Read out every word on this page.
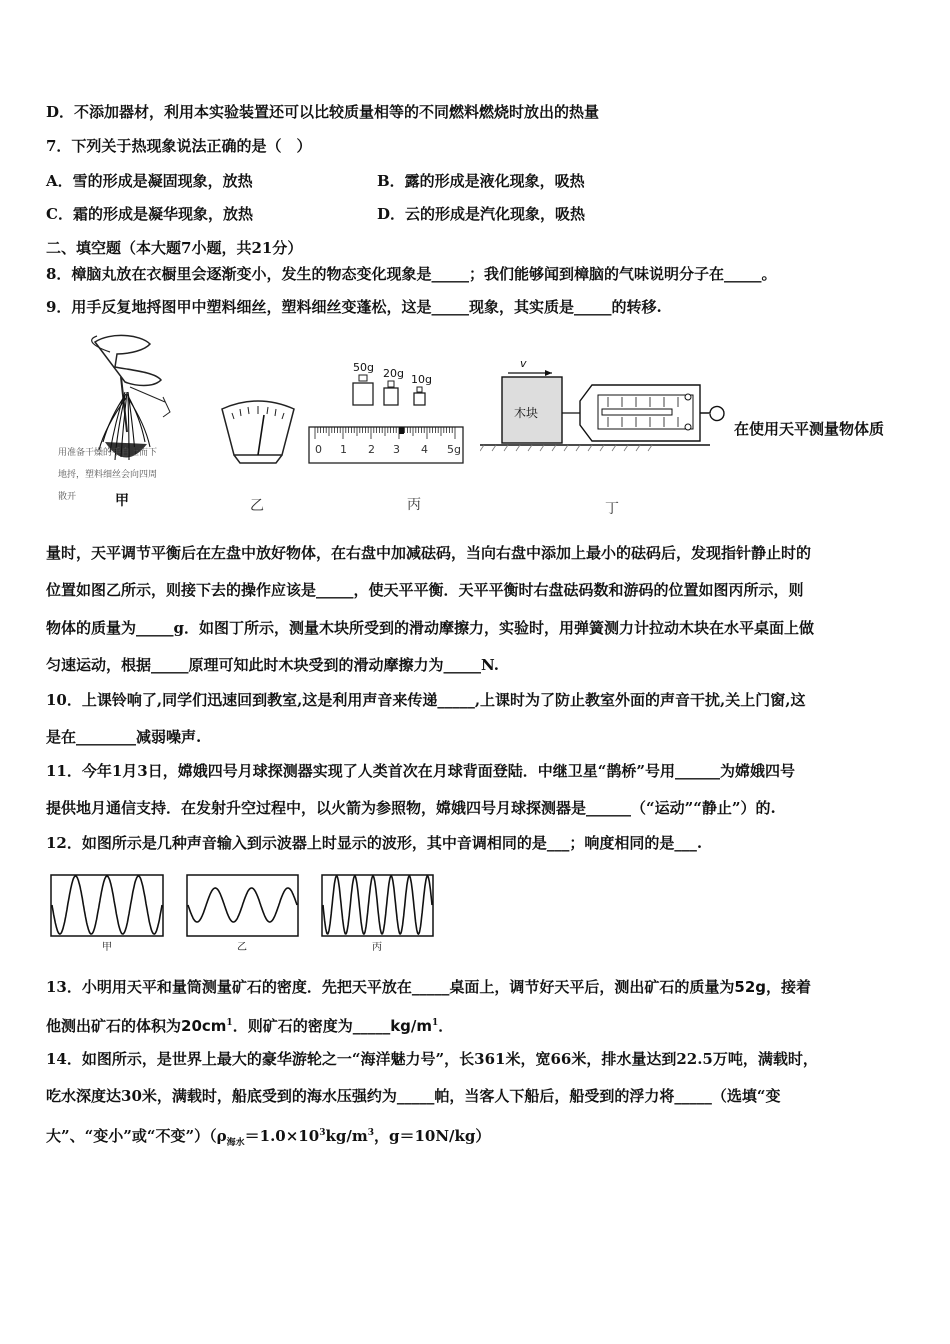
D．不添加器材，利用本实验装置还可以比较质量相等的不同燃料燃烧时放出的热量
7．下列关于热现象说法正确的是（　）
A．雪的形成是凝固现象，放热	B．露的形成是液化现象，吸热
C．霜的形成是凝华现象，放热	D．云的形成是汽化现象，吸热
二、填空题（本大题7小题，共21分）
8．樟脑丸放在衣橱里会逐渐变小，发生的物态变化现象是_____；我们能够闻到樟脑的气味说明分子在_____。
9．用手反复地捋图甲中塑料细丝，塑料细丝变蓬松，这是_____现象，其实质是_____的转移.
用准备干燥的手自上而下
地捋，塑料细丝会向四周
散开	甲	乙
50g 20g 10g
0 1 2 3 4 5g
丙
v
木块
丁
在使用天平测量物体质
量时，天平调节平衡后在左盘中放好物体，在右盘中加减砝码，当向右盘中添加上最小的砝码后，发现指针静止时的
位置如图乙所示，则接下去的操作应该是_____，使天平平衡．天平平衡时右盘砝码数和游码的位置如图丙所示，则
物体的质量为_____g．如图丁所示，测量木块所受到的滑动摩擦力，实验时，用弹簧测力计拉动木块在水平桌面上做
匀速运动，根据_____原理可知此时木块受到的滑动摩擦力为_____N.
10．上课铃响了,同学们迅速回到教室,这是利用声音来传递_____,上课时为了防止教室外面的声音干扰,关上门窗,这
是在________减弱噪声.
11．今年1月3日，嫦娥四号月球探测器实现了人类首次在月球背面登陆．中继卫星“鹊桥”号用______为嫦娥四号
提供地月通信支持．在发射升空过程中，以火箭为参照物，嫦娥四号月球探测器是______（“运动”“静止”）的.
12．如图所示是几种声音输入到示波器上时显示的波形，其中音调相同的是___；响度相同的是___.
甲	乙	丙
13．小明用天平和量筒测量矿石的密度．先把天平放在_____桌面上，调节好天平后，测出矿石的质量为52g，接着
他测出矿石的体积为$20cm^1$．则矿石的密度为$\_\_\_\_\_kg/m^1$．
14．如图所示，是世界上最大的豪华游轮之一“海洋魅力号”，长361米，宽66米，排水量达到22.5万吨，满载时，
吃水深度达30米，满载时，船底受到的海水压强约为_____帕，当客人下船后，船受到的浮力将_____（选填“变
大”、“变小”或“不变$”)(\rho_{海水}=1.0\times 10^3kg/m^3$，g＝10N/kg）
